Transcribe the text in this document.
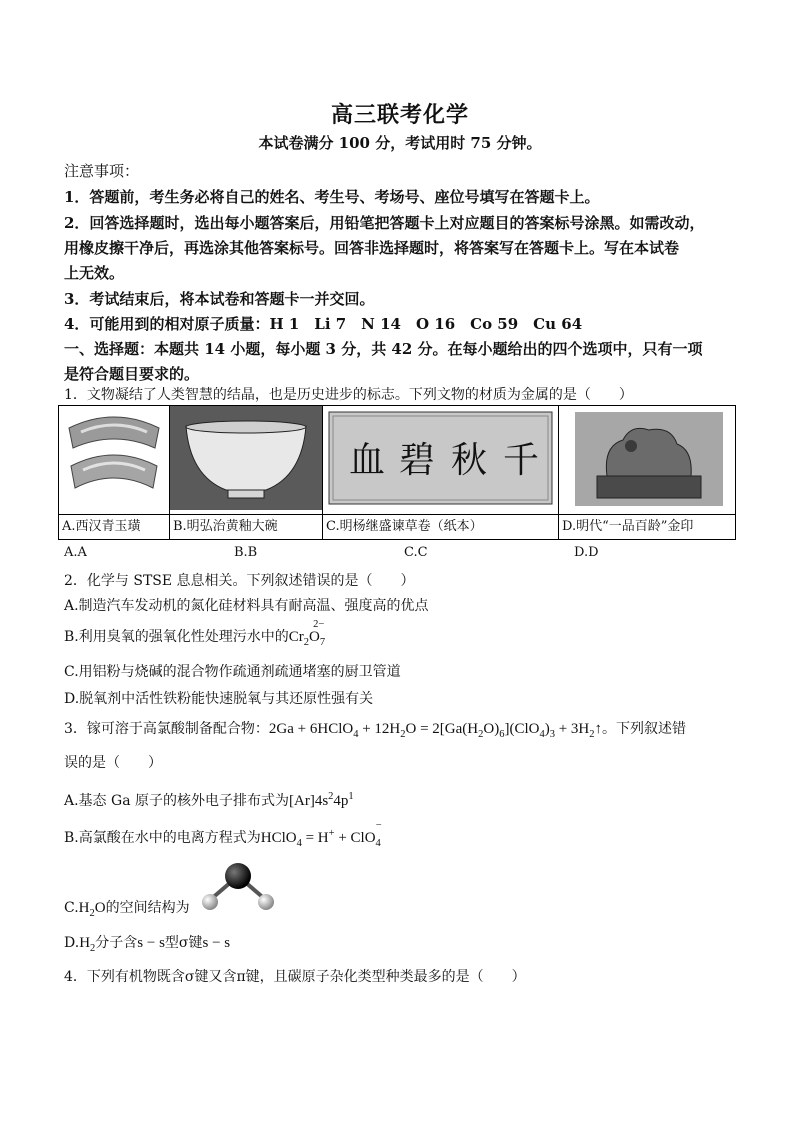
高三联考化学
本试卷满分 100 分，考试用时 75 分钟。
注意事项：
1．答题前，考生务必将自己的姓名、考生号、考场号、座位号填写在答题卡上。
2．回答选择题时，选出每小题答案后，用铅笔把答题卡上对应题目的答案标号涂黑。如需改动，
用橡皮擦干净后，再选涂其他答案标号。回答非选择题时，将答案写在答题卡上。写在本试卷
上无效。
3．考试结束后，将本试卷和答题卡一并交回。
4．可能用到的相对原子质量：H 1　Li 7　N 14　O 16　Co 59　Cu 64
一、选择题：本题共 14 小题，每小题 3 分，共 42 分。在每小题给出的四个选项中，只有一项
是符合题目要求的。
1．文物凝结了人类智慧的结晶，也是历史进步的标志。下列文物的材质为金属的是（　　）

血 碧 秋 千

A.西汉青玉璜	B.明弘治黄釉大碗	C.明杨继盛谏草卷（纸本）	D.明代“一品百龄”金印
A.A	B.B	C.C	D.D
2．化学与 STSE 息息相关。下列叙述错误的是（　　）
A.制造汽车发动机的氮化硅材料具有耐高温、强度高的优点
B.利用臭氧的强氧化性处理污水中的$Cr_2O_7^{2-}$
C.用铝粉与烧碱的混合物作疏通剂疏通堵塞的厨卫管道
D.脱氧剂中活性铁粉能快速脱氧与其还原性强有关
3．镓可溶于高氯酸制备配合物：2Ga + 6HClO$_4$ + $12H_2O = 2[Ga(H_2O)_6](ClO_4)_3$ + $3H_2↑$。下列叙述错
误的是（　　）
A.基态 Ga 原子的核外电子排布式为$[Ar]4s^24p^1$
B.高氯酸在水中的电离方程式为HClO$_4$ = H+ + ClO$_4$−
$C.H_2O$的空间结构为
$D.H_2$分子含s − s型σ键s − s
4．下列有机物既含σ键又含π键，且碳原子杂化类型种类最多的是（　　）
